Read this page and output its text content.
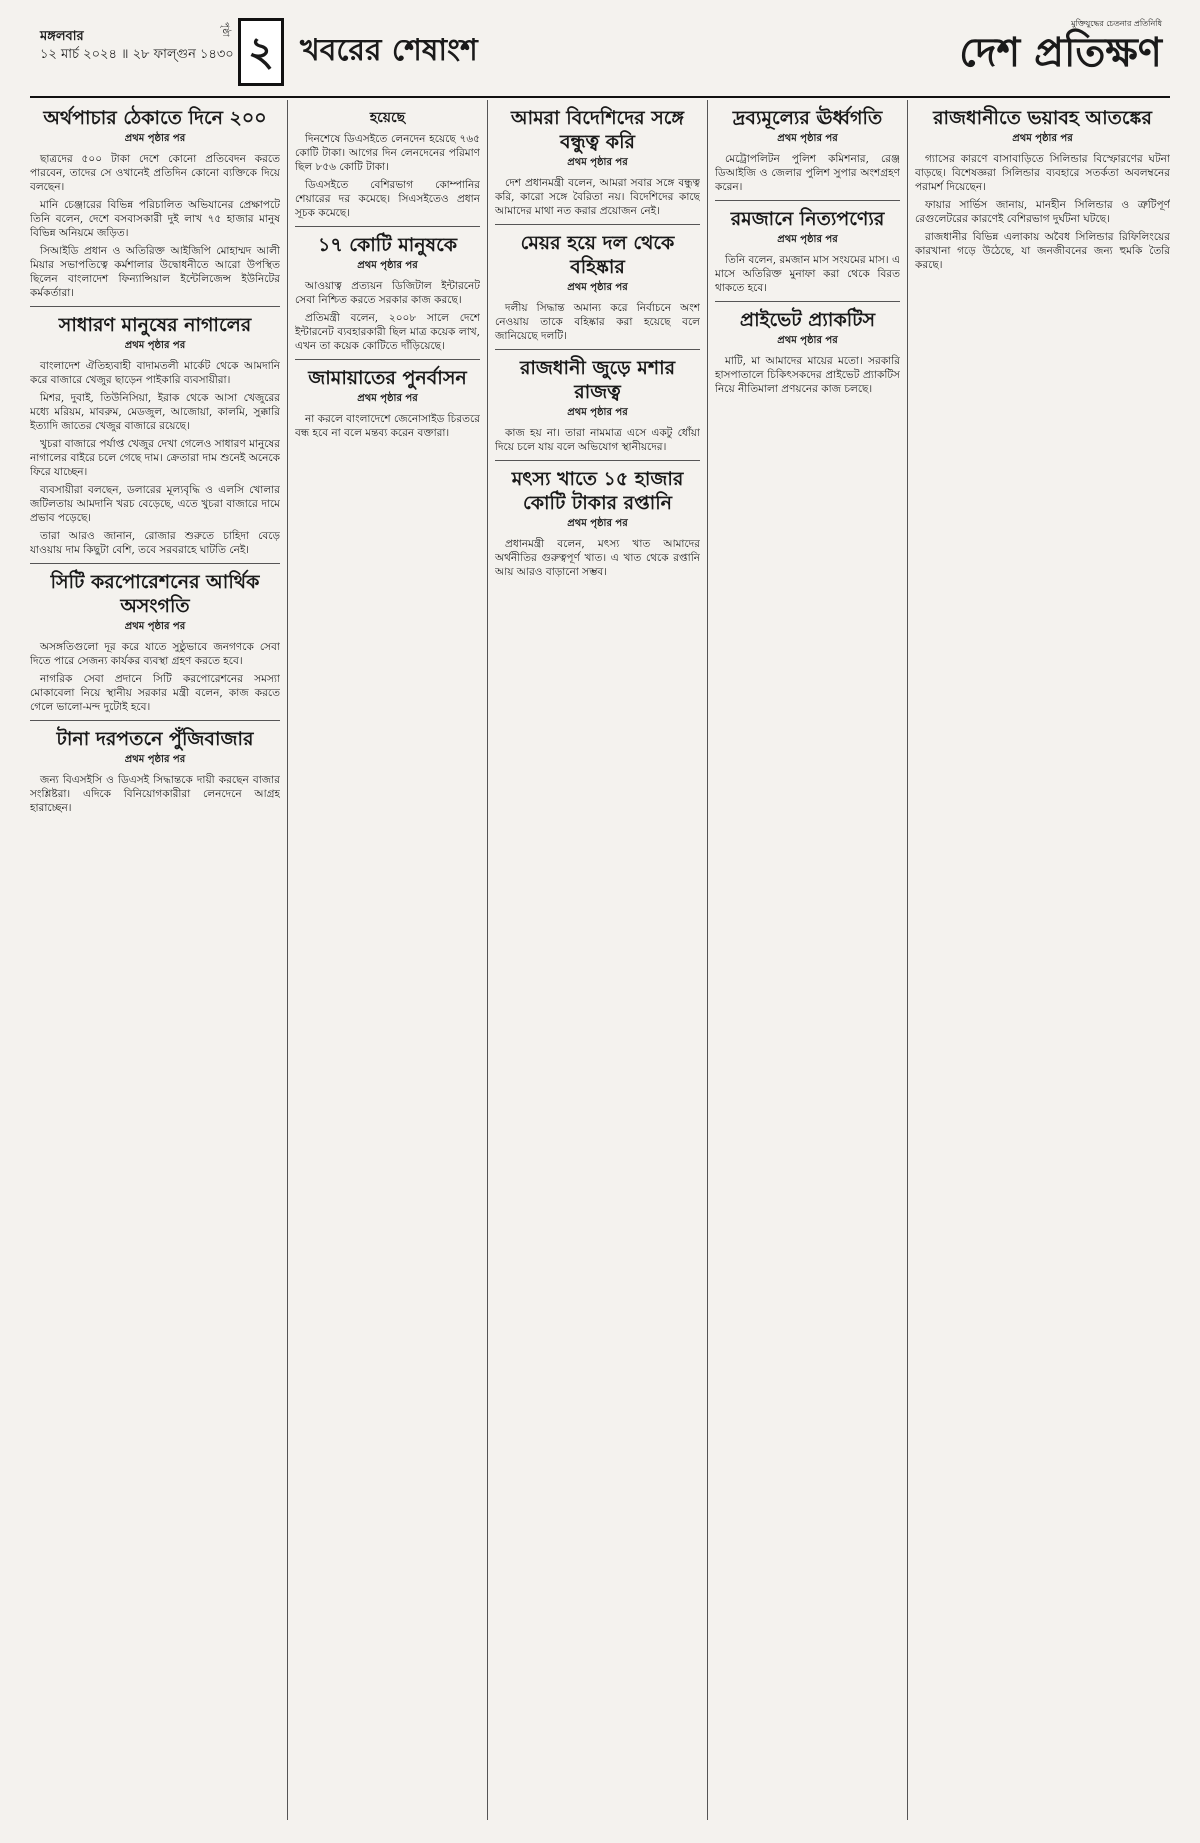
মঙ্গলবার
১২ মার্চ ২০২৪ ॥ ২৮ ফাল্গুন ১৪৩০
পৃষ্ঠা ২ খবরের শেষাংশ
মুক্তিযুদ্ধের চেতনার প্রতিনিধি
দেশ প্রতিক্ষণ
অর্থপাচার ঠেকাতে দিনে ২০০
প্রথম পৃষ্ঠার পর

ছাত্রদের ৫০০ টাকা দেশে কোনো প্রতিবেদন করতে পারবেন, তাদের সে ওখানেই প্রতিদিন কোনো ব্যক্তিকে দিয়ে বলছেন।

মানি চেঞ্জারের বিভিন্ন পরিচালিত অভিযানের প্রেক্ষাপটে তিনি বলেন, দেশে বসবাসকারী দুই লাখ ৭৫ হাজার মানুষ বিভিন্ন অনিয়মে জড়িত।

সিআইডি প্রধান ও অতিরিক্ত আইজিপি মোহাম্মদ আলী মিয়ার সভাপতিত্বে কর্মশালার উদ্বোধনীতে আরো উপস্থিত ছিলেন বাংলাদেশ ফিন্যান্সিয়াল ইন্টেলিজেন্স ইউনিটের কর্মকর্তারা।

সাধারণ মানুষের নাগালের
প্রথম পৃষ্ঠার পর

বাংলাদেশ ঐতিহ্যবাহী বাদামতলী মার্কেট থেকে আমদানি করে বাজারে খেজুর ছাড়েন পাইকারি ব্যবসায়ীরা।

মিশর, দুবাই, তিউনিসিয়া, ইরাক থেকে আসা খেজুরের মধ্যে মরিয়ম, মাবরুম, মেডজুল, আজোয়া, কালমি, সুক্কারি ইত্যাদি জাতের খেজুর বাজারে রয়েছে।

খুচরা বাজারে পর্যাপ্ত খেজুর দেখা গেলেও সাধারণ মানুষের নাগালের বাইরে চলে গেছে দাম। ক্রেতারা দাম শুনেই অনেকে ফিরে যাচ্ছেন।

ব্যবসায়ীরা বলছেন, ডলারের মূল্যবৃদ্ধি ও এলসি খোলার জটিলতায় আমদানি খরচ বেড়েছে, এতে খুচরা বাজারে দামে প্রভাব পড়েছে।

তারা আরও জানান, রোজার শুরুতে চাহিদা বেড়ে যাওয়ায় দাম কিছুটা বেশি, তবে সরবরাহে ঘাটতি নেই।

সিটি করপোরেশনের আর্থিক অসংগতি
প্রথম পৃষ্ঠার পর

অসঙ্গতিগুলো দূর করে যাতে সুষ্ঠুভাবে জনগণকে সেবা দিতে পারে সেজন্য কার্যকর ব্যবস্থা গ্রহণ করতে হবে।

নাগরিক সেবা প্রদানে সিটি করপোরেশনের সমস্যা মোকাবেলা নিয়ে স্থানীয় সরকার মন্ত্রী বলেন, কাজ করতে গেলে ভালো-মন্দ দুটোই হবে।

টানা দরপতনে পুঁজিবাজার
প্রথম পৃষ্ঠার পর

জন্য বিএসইসি ও ডিএসই সিদ্ধান্তকে দায়ী করছেন বাজার সংশ্লিষ্টরা। এদিকে বিনিয়োগকারীরা লেনদেনে আগ্রহ হারাচ্ছেন।

হয়েছে

দিনশেষে ডিএসইতে লেনদেন হয়েছে ৭৬৫ কোটি টাকা। আগের দিন লেনদেনের পরিমাণ ছিল ৮৫৬ কোটি টাকা।

ডিএসইতে বেশিরভাগ কোম্পানির শেয়ারের দর কমেছে। সিএসইতেও প্রধান সূচক কমেছে।

১৭ কোটি মানুষকে
প্রথম পৃষ্ঠার পর

আওয়াত্ব প্রত্যয়ন ডিজিটাল ইন্টারনেট সেবা নিশ্চিত করতে সরকার কাজ করছে।

প্রতিমন্ত্রী বলেন, ২০০৮ সালে দেশে ইন্টারনেট ব্যবহারকারী ছিল মাত্র কয়েক লাখ, এখন তা কয়েক কোটিতে দাঁড়িয়েছে।

জামায়াতের পুনর্বাসন
প্রথম পৃষ্ঠার পর

না করলে বাংলাদেশে জেনোসাইড চিরতরে বন্ধ হবে না বলে মন্তব্য করেন বক্তারা।

আমরা বিদেশিদের সঙ্গে বন্ধুত্ব করি
প্রথম পৃষ্ঠার পর

দেশ প্রধানমন্ত্রী বলেন, আমরা সবার সঙ্গে বন্ধুত্ব করি, কারো সঙ্গে বৈরিতা নয়। বিদেশিদের কাছে আমাদের মাথা নত করার প্রয়োজন নেই।

মেয়র হয়ে দল থেকে বহিষ্কার
প্রথম পৃষ্ঠার পর

দলীয় সিদ্ধান্ত অমান্য করে নির্বাচনে অংশ নেওয়ায় তাকে বহিষ্কার করা হয়েছে বলে জানিয়েছে দলটি।

রাজধানী জুড়ে মশার রাজত্ব
প্রথম পৃষ্ঠার পর

কাজ হয় না। তারা নামমাত্র এসে একটু ধোঁয়া দিয়ে চলে যায় বলে অভিযোগ স্থানীয়দের।

মৎস্য খাতে ১৫ হাজার কোটি টাকার রপ্তানি
প্রথম পৃষ্ঠার পর

প্রধানমন্ত্রী বলেন, মৎস্য খাত আমাদের অর্থনীতির গুরুত্বপূর্ণ খাত। এ খাত থেকে রপ্তানি আয় আরও বাড়ানো সম্ভব।

দ্রব্যমূল্যের ঊর্ধ্বগতি
প্রথম পৃষ্ঠার পর

মেট্রোপলিটন পুলিশ কমিশনার, রেঞ্জ ডিআইজি ও জেলার পুলিশ সুপার অংশগ্রহণ করেন।

রমজানে নিত্যপণ্যের
প্রথম পৃষ্ঠার পর

তিনি বলেন, রমজান মাস সংযমের মাস। এ মাসে অতিরিক্ত মুনাফা করা থেকে বিরত থাকতে হবে।

প্রাইভেট প্র্যাকটিস
প্রথম পৃষ্ঠার পর

মাটি, মা আমাদের মায়ের মতো। সরকারি হাসপাতালে চিকিৎসকদের প্রাইভেট প্র্যাকটিস নিয়ে নীতিমালা প্রণয়নের কাজ চলছে।

রাজধানীতে ভয়াবহ আতঙ্কের
প্রথম পৃষ্ঠার পর

গ্যাসের কারণে বাসাবাড়িতে সিলিন্ডার বিস্ফোরণের ঘটনা বাড়ছে। বিশেষজ্ঞরা সিলিন্ডার ব্যবহারে সতর্কতা অবলম্বনের পরামর্শ দিয়েছেন।

ফায়ার সার্ভিস জানায়, মানহীন সিলিন্ডার ও ত্রুটিপূর্ণ রেগুলেটরের কারণেই বেশিরভাগ দুর্ঘটনা ঘটছে।

রাজধানীর বিভিন্ন এলাকায় অবৈধ সিলিন্ডার রিফিলিংয়ের কারখানা গড়ে উঠেছে, যা জনজীবনের জন্য হুমকি তৈরি করছে।
